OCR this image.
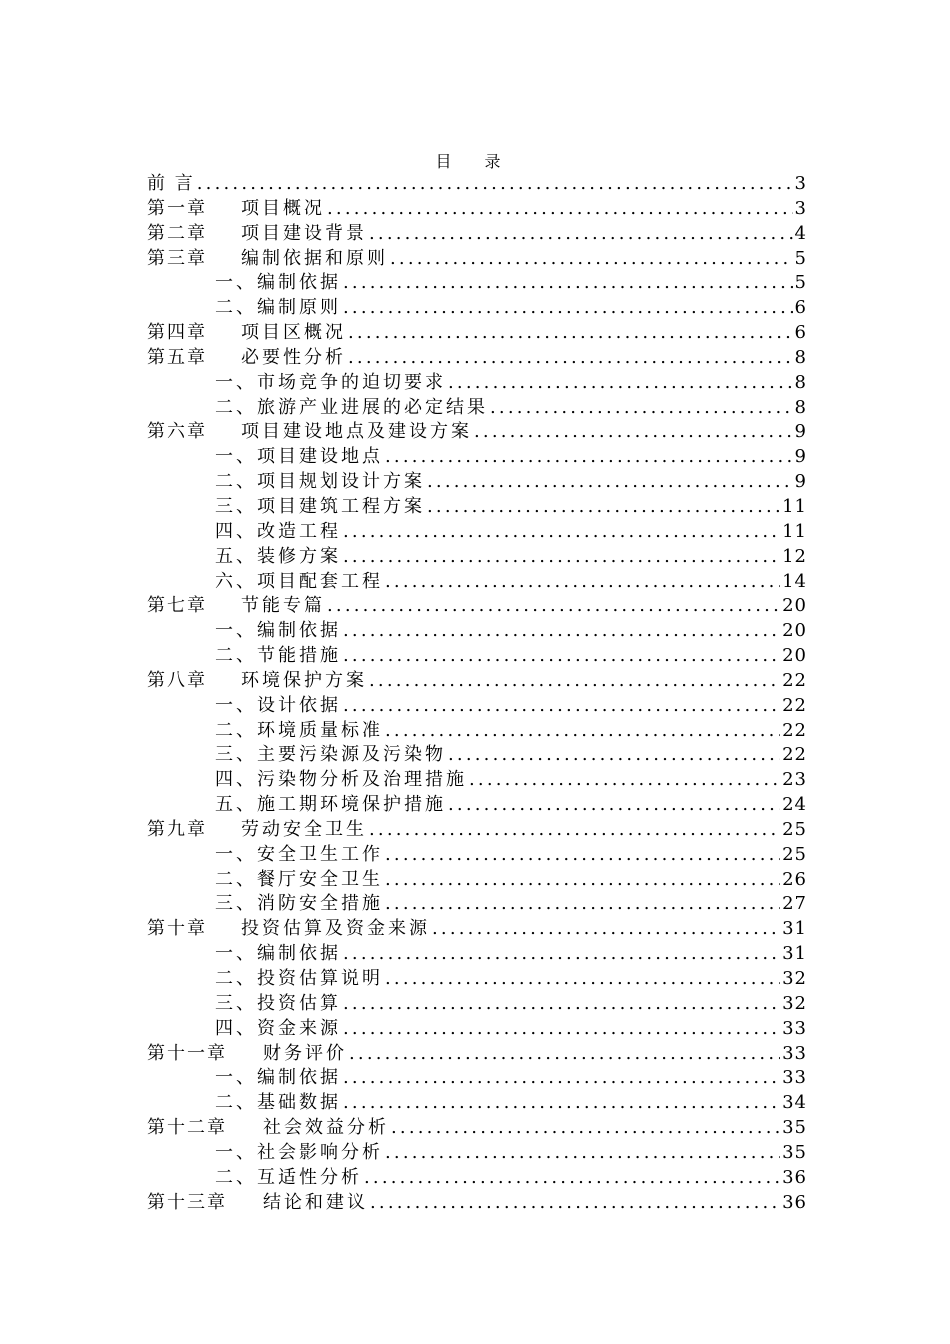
目 录
前 言 .....	3
第一章 项目概况 .....	3
第二章 项目建设背景 .....	4
第三章 编制依据和原则 .....	5
一、编制依据 .....	5
二、编制原则 .....	6
第四章 项目区概况 .....	6
第五章 必要性分析 .....	8
一、市场竞争的迫切要求 .....	8
二、旅游产业进展的必定结果 .....	8
第六章 项目建设地点及建设方案 .....	9
一、项目建设地点 .....	9
二、项目规划设计方案 .....	9
三、项目建筑工程方案 .....	11
四、改造工程 .....	11
五、装修方案 .....	12
六、项目配套工程 .....	14
第七章 节能专篇 .....	20
一、编制依据 .....	20
二、节能措施 .....	20
第八章 环境保护方案 .....	22
一、设计依据 .....	22
二、环境质量标准 .....	22
三、主要污染源及污染物 .....	22
四、污染物分析及治理措施 .....	23
五、施工期环境保护措施 .....	24
第九章 劳动安全卫生 .....	25
一、安全卫生工作 .....	25
二、餐厅安全卫生 .....	26
三、消防安全措施 .....	27
第十章 投资估算及资金来源 .....	31
一、编制依据 .....	31
二、投资估算说明 .....	32
三、投资估算 .....	32
四、资金来源 .....	33
第十一章 财务评价 .....	33
一、编制依据 .....	33
二、基础数据 .....	34
第十二章 社会效益分析 .....	35
一、社会影响分析 .....	35
二、互适性分析 .....	36
第十三章 结论和建议 .....	36
